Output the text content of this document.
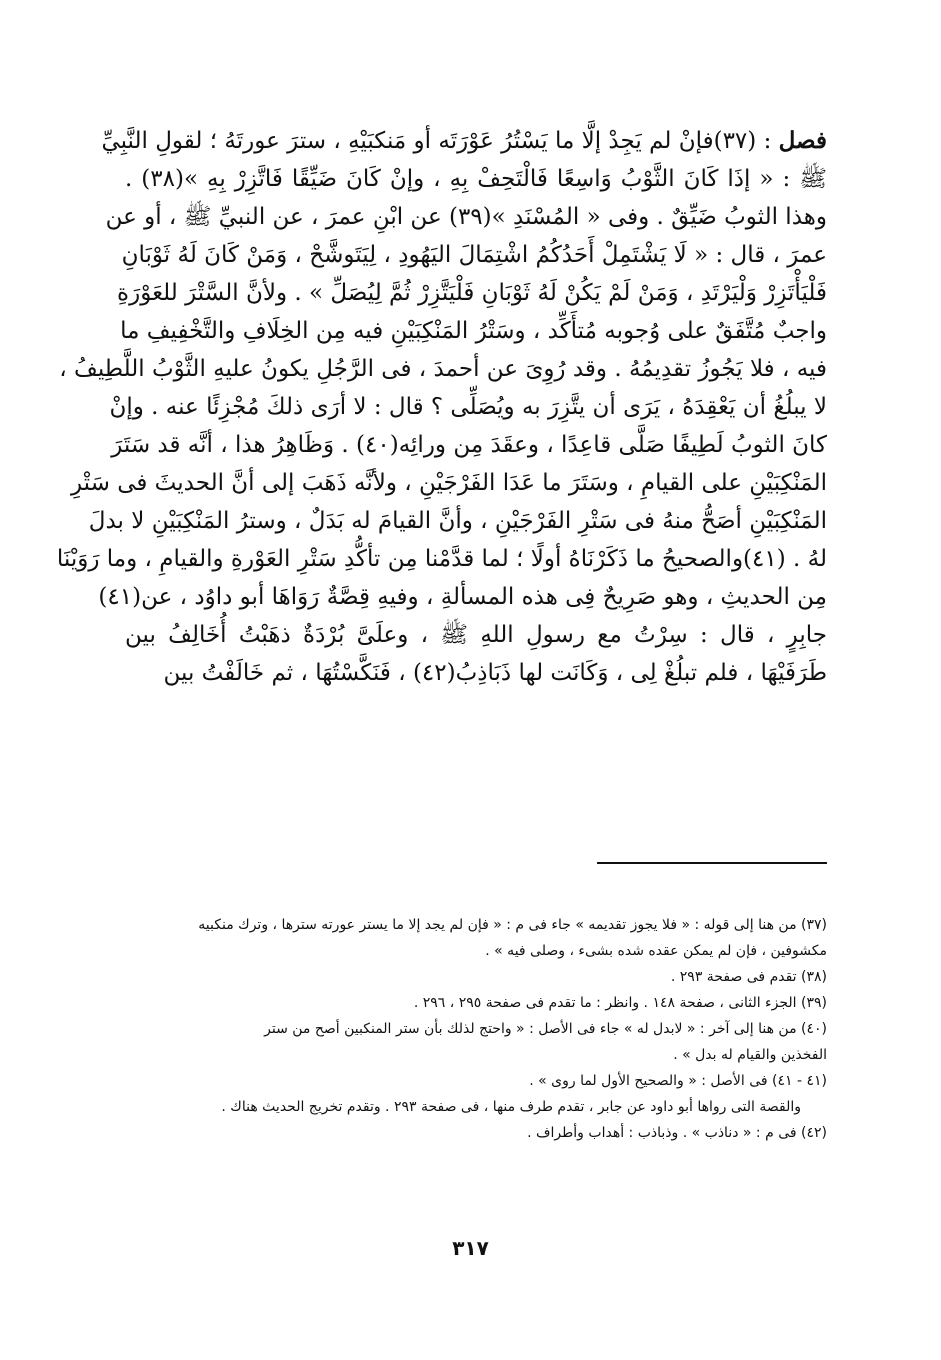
فصل : (٣٧)فإنْ لم يَجِدْ إلَّا ما يَسْتُرُ عَوْرَتَه أو مَنكبَيْهِ ، سترَ عورتَهُ ؛ لقولِ النَّبِيِّ
ﷺ : « إذَا كَانَ الثَّوْبُ وَاسِعًا فَالْتَحِفْ بِهِ ، وإنْ كَانَ ضَيِّقًا فَاتَّزِرْ بِهِ »(٣٨) .
وهذا الثوبُ ضَيِّقٌ . وفى « المُسْنَدِ »(٣٩) عن ابْنِ عمرَ ، عن النبيِّ ﷺ ، أو عن
عمرَ ، قال : « لَا يَشْتَمِلْ أَحَدُكُمُ اشْتِمَالَ اليَهُودِ ، لِيَتَوشَّحْ ، وَمَنْ كَانَ لَهُ ثَوْبَانِ
فَلْيَأْتَزِرْ وَلْيَرْتَدِ ، وَمَنْ لَمْ يَكُنْ لَهُ ثَوْبَانِ فَلْيَتَّزِرْ ثُمَّ لِيُصَلِّ » . ولأنَّ السَّتْرَ للعَوْرَةِ
واجبٌ مُتَّفَقٌ على وُجوبه مُتأَكِّد ، وسَتْرُ المَنْكِبَيْنِ فيه مِن الخِلَافِ والتَّخْفِيفِ ما
فيه ، فلا يَجُوزُ تقدِيمُهُ . وقد رُوِىَ عن أحمدَ ، فى الرَّجُلِ يكونُ عليهِ الثَّوْبُ اللَّطِيفُ ،
لا يبلُغُ أن يَعْقِدَهُ ، يَرَى أن يتَّزِرَ به ويُصَلِّى ؟ قال : لا أرَى ذلكَ مُجْزِئًا عنه . وإنْ
كانَ الثوبُ لَطِيفًا صَلَّى قاعِدًا ، وعقَدَ مِن ورائِه(٤٠) . وَظَاهِرُ هذا ، أنَّه قد سَتَرَ
المَنْكِبَيْنِ على القيامِ ، وسَتَرَ ما عَدَا الفَرْجَيْنِ ، ولأنَّه ذَهَبَ إلى أنَّ الحديثَ فى سَتْرِ
المَنْكِبَيْنِ أصَحُّ منهُ فى سَتْرِ الفَرْجَيْنِ ، وأنَّ القيامَ له بَدَلٌ ، وسترُ المَنْكِبَيْنِ لا بدلَ
لهُ . (٤١)والصحيحُ ما ذَكَرْنَاهُ أولًا ؛ لما قدَّمْنا مِن تأكُّدِ سَتْرِ العَوْرةِ والقيامِ ، وما رَوَيْنَا
مِن الحديثِ ، وهو صَرِيحٌ فِى هذه المسألةِ ، وفيهِ قِصَّةٌ رَوَاهَا أبو داوُد ، عن(٤١)
جابِرٍ ، قال : سِرْتُ مع رسولِ اللهِ ﷺ ، وعلَىَّ بُرْدَةٌ ذهَبْتُ أُخَالِفُ بين
طَرَفَيْهَا ، فلم تبلُغْ لِى ، وَكَانَت لها ذَبَاذِبُ(٤٢) ، فَنَكَّسْتُهَا ، ثم خَالَفْتُ بين
(٣٧) من هنا إلى قوله : « فلا يجوز تقديمه » جاء فى م : « فإن لم يجد إلا ما يستر عورته سترها ، وترك منكبيه
مكشوفين ، فإن لم يمكن عقده شده بشىء ، وصلى فيه » .
(٣٨) تقدم فى صفحة ٢٩٣ .
(٣٩) الجزء الثانى ، صفحة ١٤٨ . وانظر : ما تقدم فى صفحة ٢٩٥ ، ٢٩٦ .
(٤٠) من هنا إلى آخر : « لابدل له » جاء فى الأصل : « واحتج لذلك بأن ستر المنكبين أصح من ستر
الفخذين والقيام له بدل » .
(٤١ - ٤١) فى الأصل : « والصحيح الأول لما روى » .
والقصة التى رواها أبو داود عن جابر ، تقدم طرف منها ، فى صفحة ٢٩٣ . وتقدم تخريج الحديث هناك .
(٤٢) فى م : « دناذب » . وذباذب : أهداب وأطراف .
٣١٧
